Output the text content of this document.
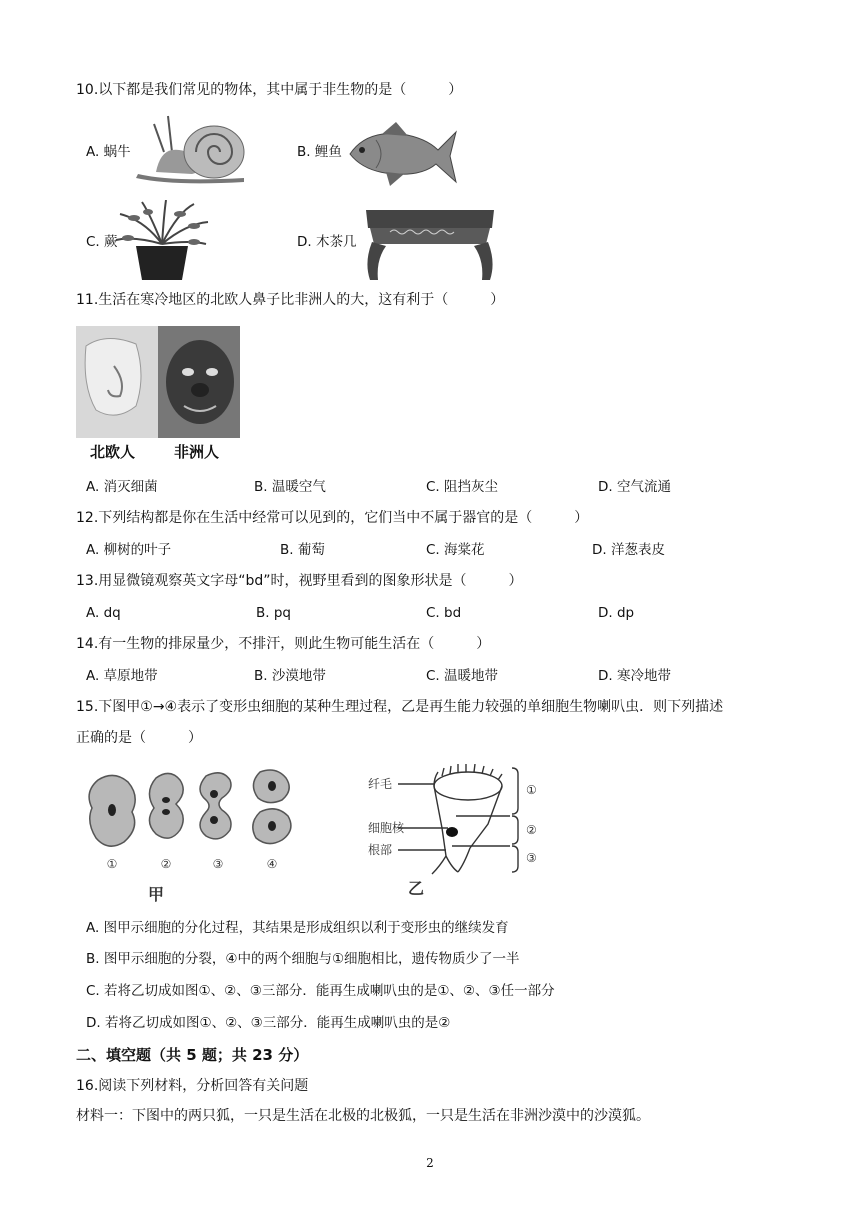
10.以下都是我们常见的物体，其中属于非生物的是（　　　）
A. 蜗牛	B. 鲤鱼
C. 蕨	D. 木茶几
11.生活在寒冷地区的北欧人鼻子比非洲人的大，这有利于（　　　）
北欧人	非洲人
A. 消灭细菌	B. 温暖空气	C. 阻挡灰尘	D. 空气流通
12.下列结构都是你在生活中经常可以见到的，它们当中不属于器官的是（　　　）
A. 柳树的叶子	B. 葡萄	C. 海棠花	D. 洋葱表皮
13.用显微镜观察英文字母“bd”时，视野里看到的图象形状是（　　　）
A. dq	B. pq	C. bd	D. dp
14.有一生物的排尿量少，不排汗，则此生物可能生活在（　　　）
A. 草原地带	B. 沙漠地带	C. 温暖地带	D. 寒冷地带
15.下图甲①→④表示了变形虫细胞的某种生理过程，乙是再生能力较强的单细胞生物喇叭虫．则下列描述
正确的是（　　　）
①	②	③	④
甲
纤毛
细胞核
根部
①
②
③
乙
A. 图甲示细胞的分化过程，其结果是形成组织以利于变形虫的继续发育
B. 图甲示细胞的分裂，④中的两个细胞与①细胞相比，遗传物质少了一半
C. 若将乙切成如图①、②、③三部分．能再生成喇叭虫的是①、②、③任一部分
D. 若将乙切成如图①、②、③三部分．能再生成喇叭虫的是②
二、填空题（共 5 题；共 23 分）
16.阅读下列材料，分析回答有关问题
材料一：下图中的两只狐，一只是生活在北极的北极狐，一只是生活在非洲沙漠中的沙漠狐。
2
